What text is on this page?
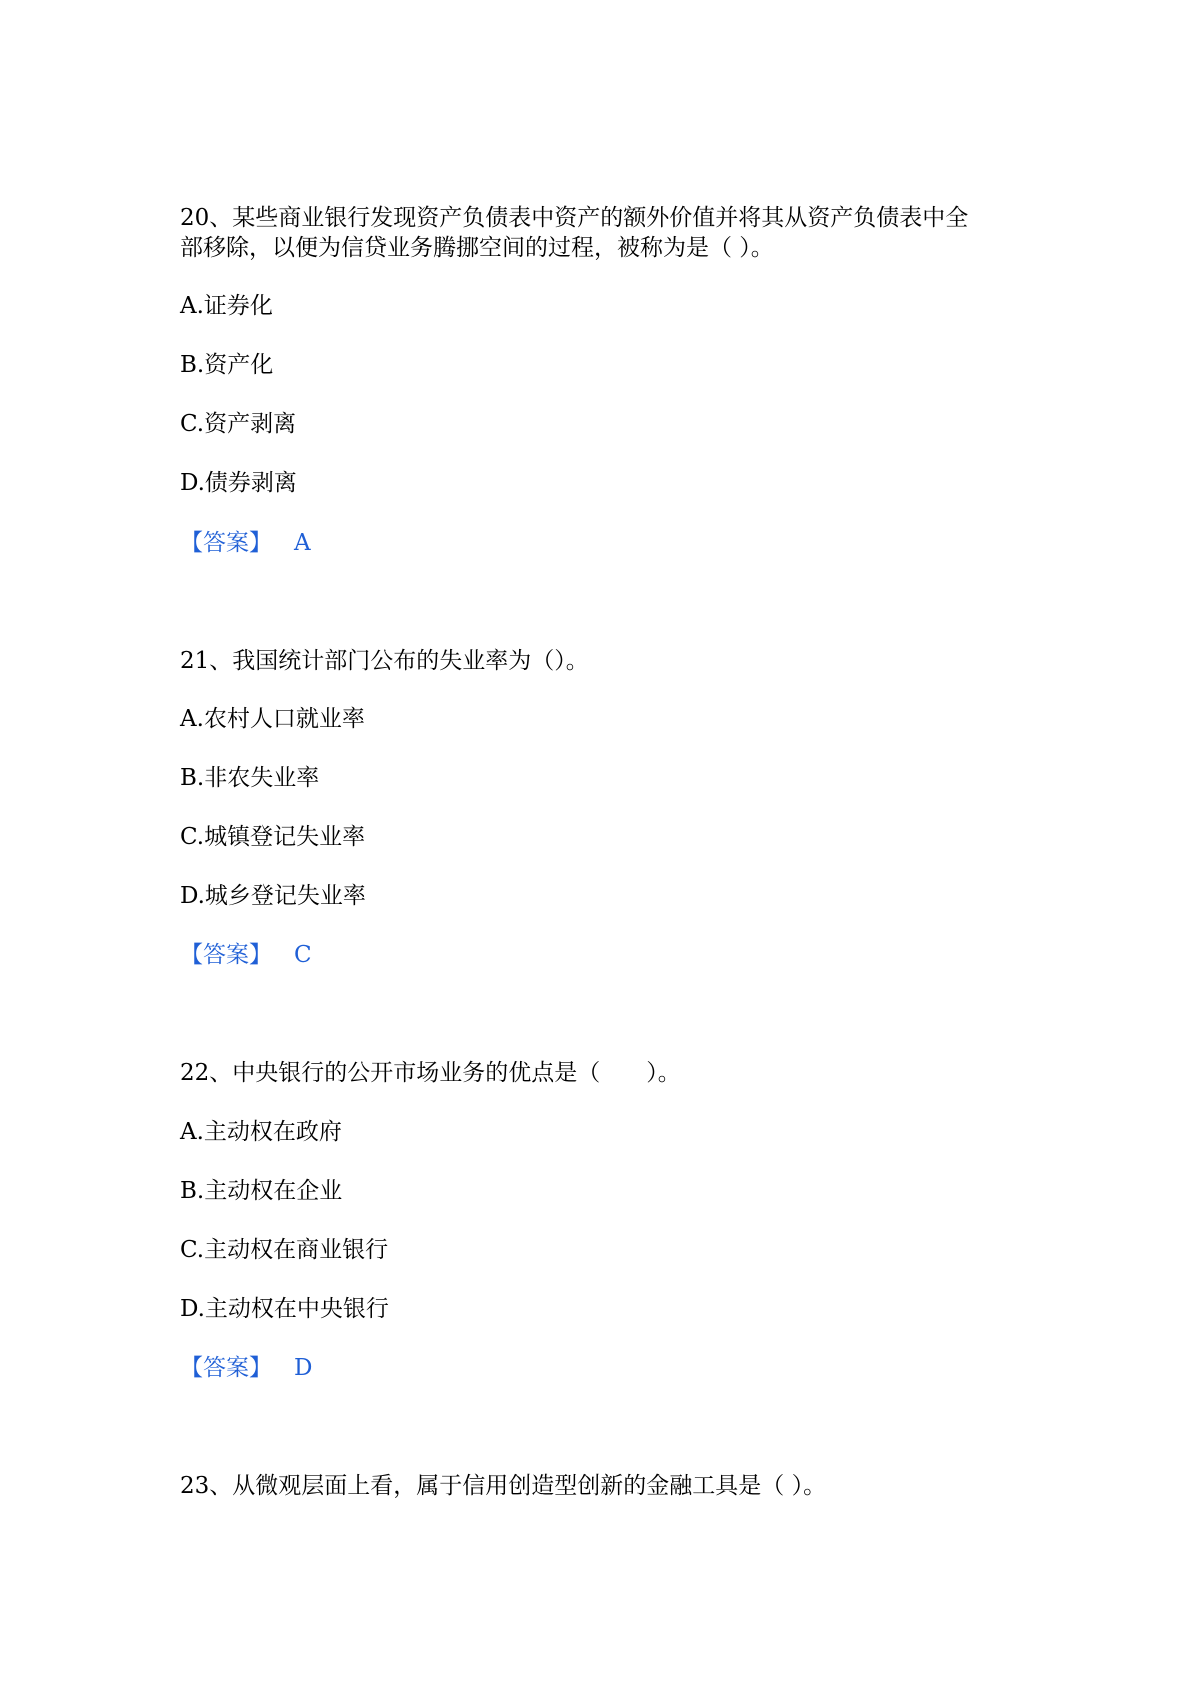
20、某些商业银行发现资产负债表中资产的额外价值并将其从资产负债表中全
部移除，以便为信贷业务腾挪空间的过程，被称为是（ ）。
A.证券化
B.资产化
C.资产剥离
D.债券剥离
【答案】 A
21、我国统计部门公布的失业率为（）。
A.农村人口就业率
B.非农失业率
C.城镇登记失业率
D.城乡登记失业率
【答案】 C
22、中央银行的公开市场业务的优点是（　　）。
A.主动权在政府
B.主动权在企业
C.主动权在商业银行
D.主动权在中央银行
【答案】 D
23、从微观层面上看，属于信用创造型创新的金融工具是（ ）。
